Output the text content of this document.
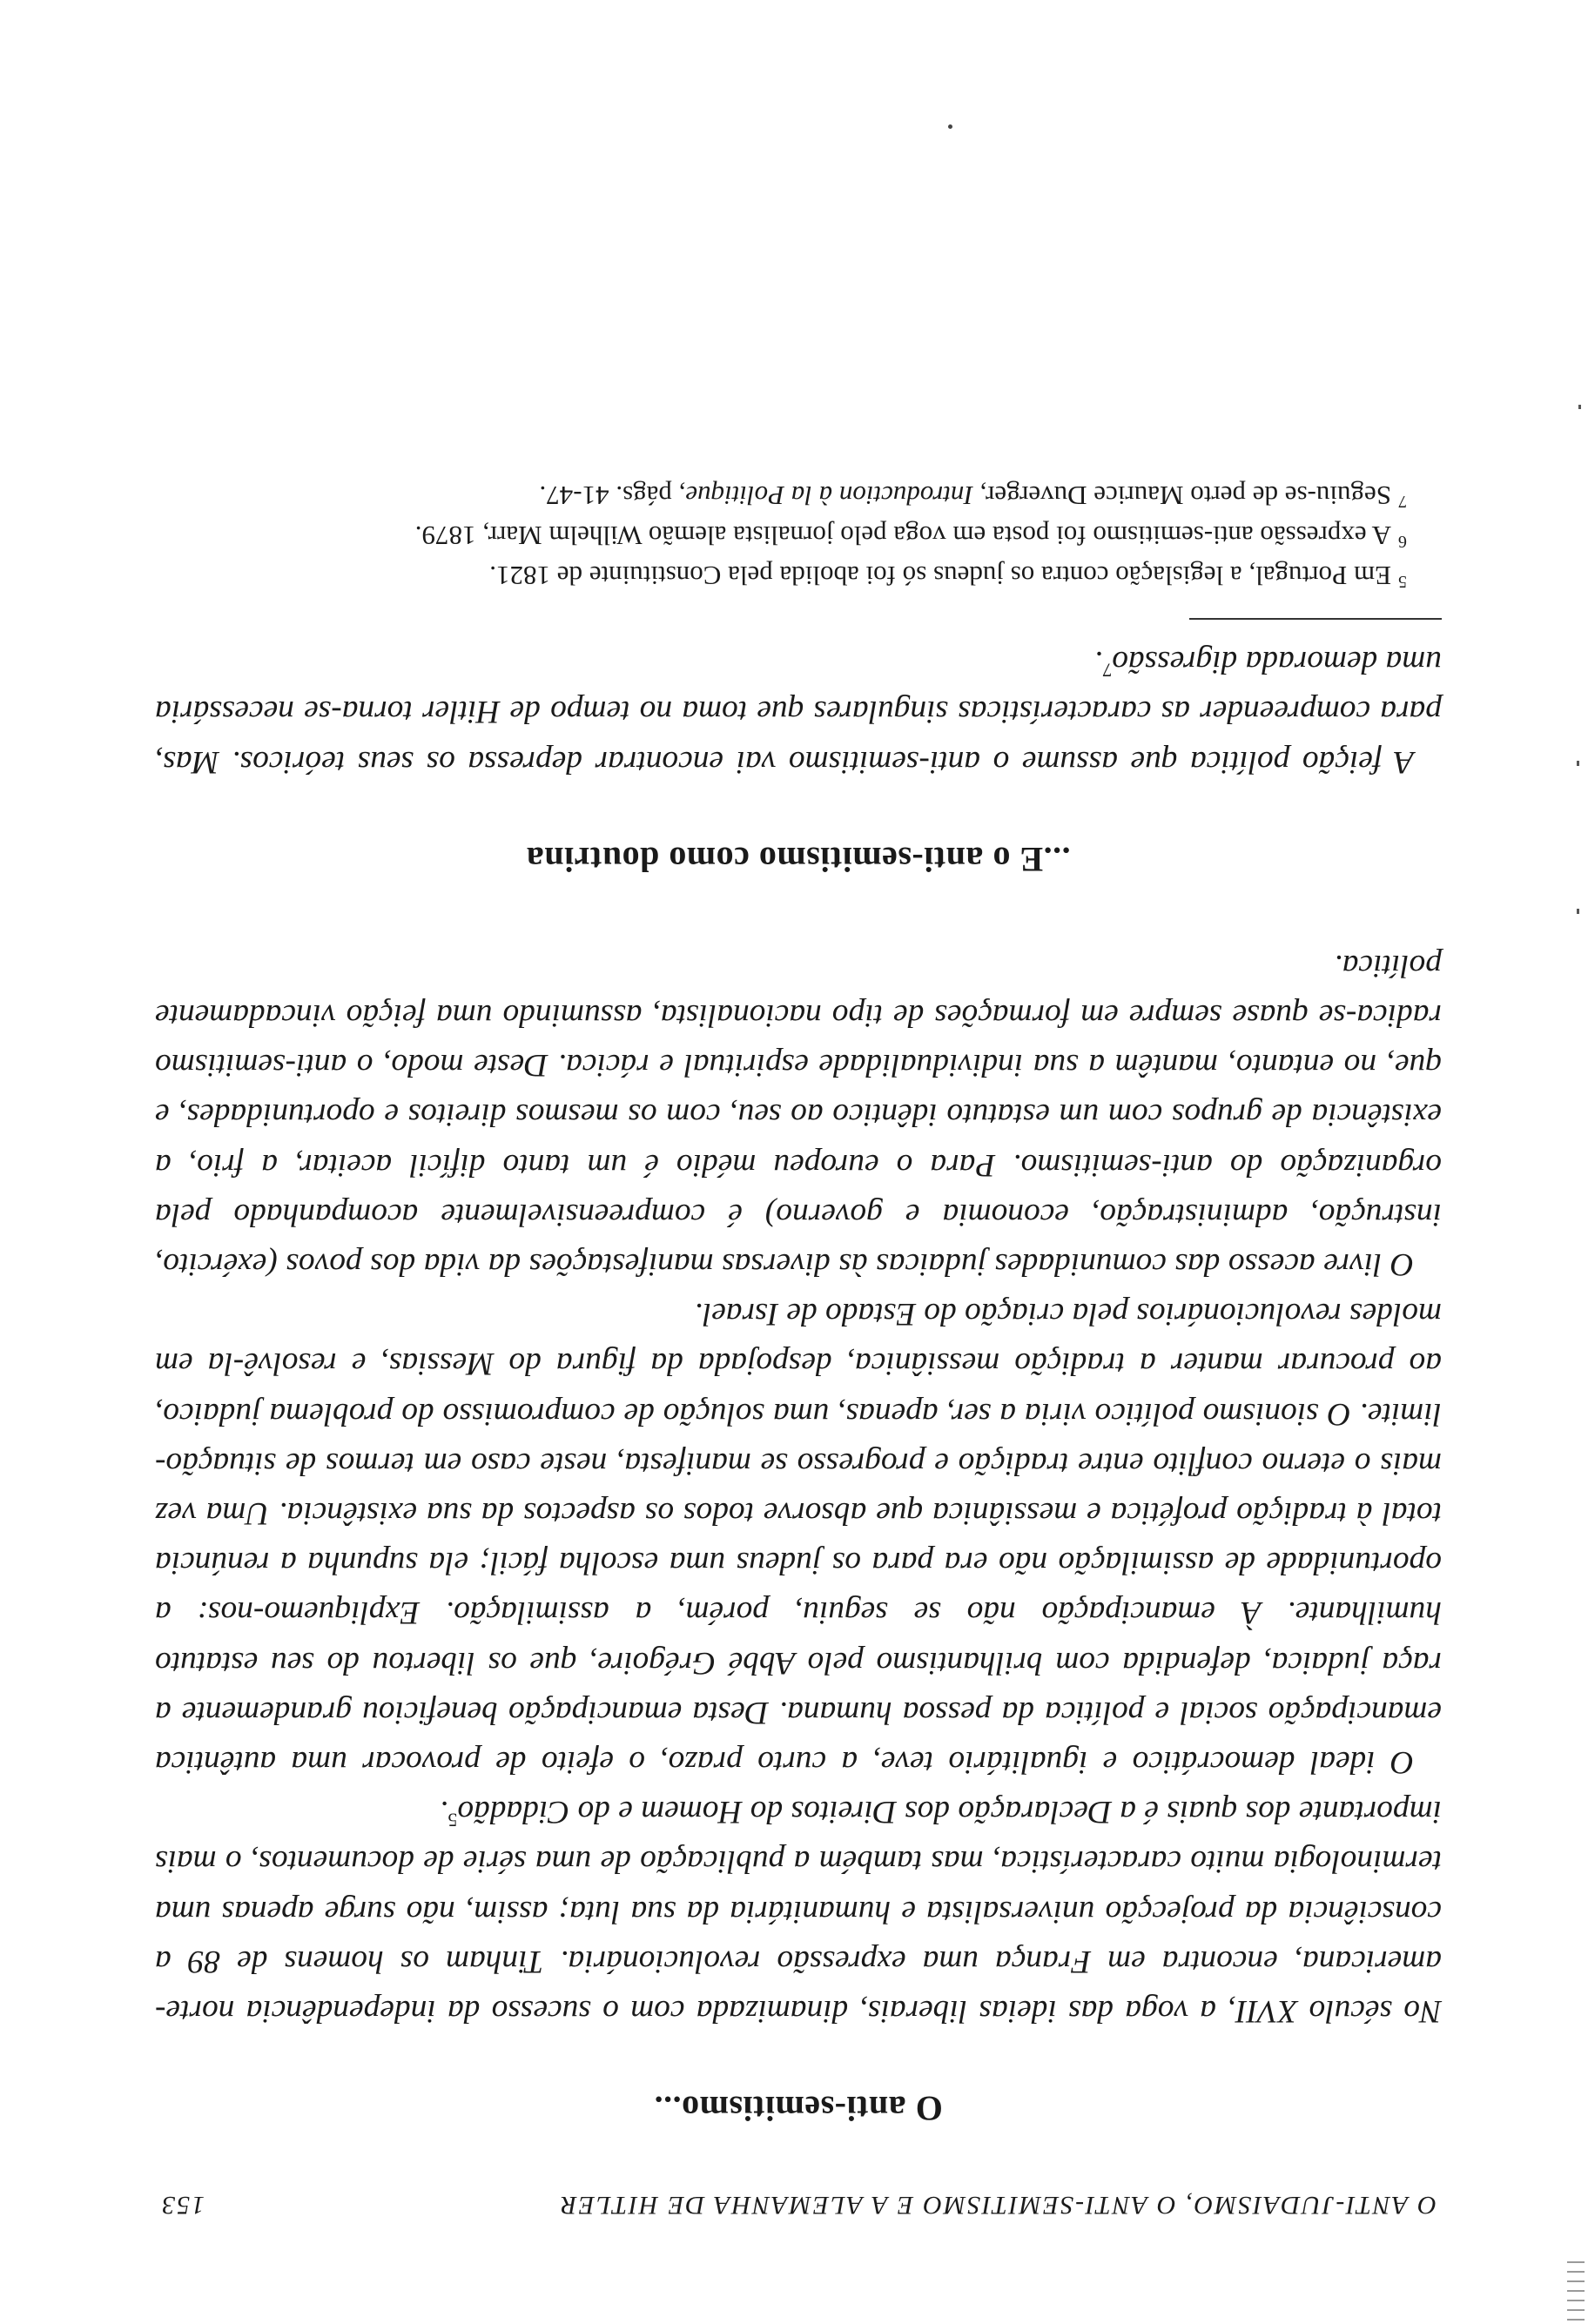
O ANTI-JUDAISMO, O ANTI-SEMITISMO E A ALEMANHA DE HITLER
153
O anti-semitismo...

No século XVII, a voga das ideias liberais, dinamizada com o sucesso da independência norte-americana, encontra em França uma expressão revolucionária. Tinham os homens de 89 a consciência da projecção universalista e humanitária da sua luta; assim, não surge apenas uma terminologia muito característica, mas também a publicação de uma série de documentos, o mais importante dos quais é a Declaração dos Direitos do Homem e do Cidadão$^5$.

O ideal democrático e igualitário teve, a curto prazo, o efeito de provocar uma autêntica emancipação social e política da pessoa humana. Desta emancipação beneficiou grandemente a raça judaica, defendida com brilhantismo pelo Abbé Grégoire, que os libertou do seu estatuto humilhante. À emancipação não se seguiu, porém, a assimilação. Expliquemo-nos: a oportunidade de assimilação não era para os judeus uma escolha fácil; ela supunha a renúncia total à tradição profética e messiânica que absorve todos os aspectos da sua existência. Uma vez mais o eterno conflito entre tradição e progresso se manifesta, neste caso em termos de situação-limite. O sionismo político viria a ser, apenas, uma solução de compromisso do problema judaico, ao procurar manter a tradição messiânica, despojada da figura do Messias, e resolvê-la em moldes revolucionários pela criação do Estado de Israel.

O livre acesso das comunidades judaicas às diversas manifestações da vida dos povos (exército, instrução, administração, economia e governo) é compreensivelmente acompanhado pela organização do anti-semitismo. Para o europeu médio é um tanto difícil aceitar, a frio, a existência de grupos com um estatuto idêntico ao seu, com os mesmos direitos e oportunidades, e que, no entanto, mantêm a sua individualidade espiritual e rácica. Deste modo, o anti-semitismo radica-se quase sempre em formações de tipo nacionalista, assumindo uma feição vincadamente política.

...E o anti-semitismo como doutrina

A feição política que assume o anti-semitismo vai encontrar depressa os seus teóricos. Mas, para compreender as características singulares que toma no tempo de Hitler torna-se necessária uma demorada digressão$^7$.

$^5$Em Portugal, a legislação contra os judeus só foi abolida pela Constituinte de 1821.

$^6$A expressão anti-semitismo foi posta em voga pelo jornalista alemão Wilhelm Marr, 1879.

$^7$Seguiu-se de perto Maurice Duverger, Introduction à la Politique, págs. 41-47.
